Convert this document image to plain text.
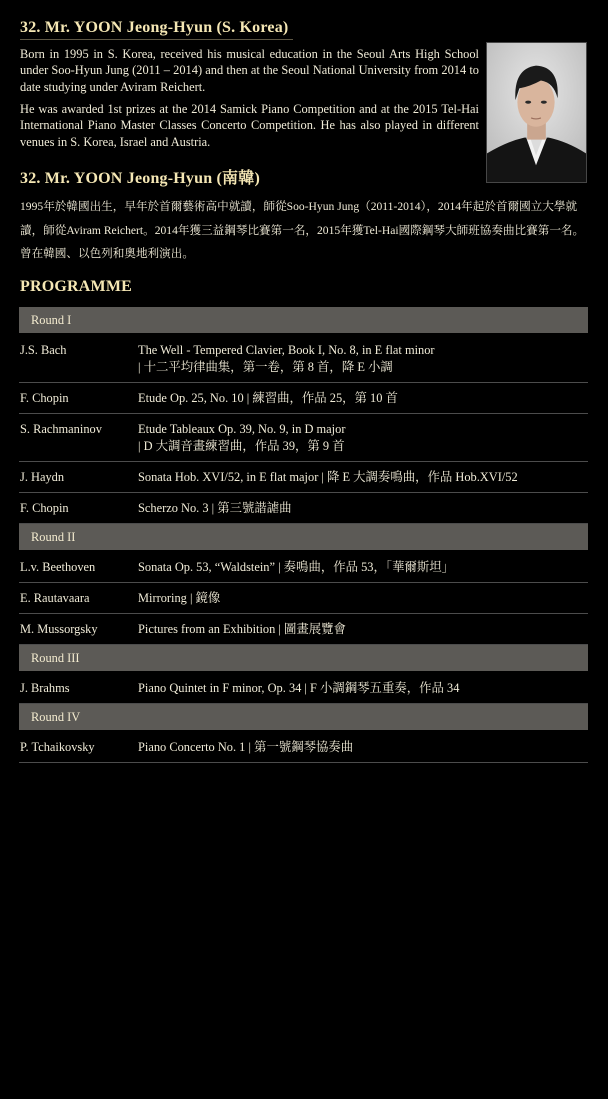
32. Mr. YOON Jeong-Hyun (S. Korea)

Born in 1995 in S. Korea, received his musical education in the Seoul Arts High School under Soo-Hyun Jung (2011 – 2014) and then at the Seoul National University from 2014 to date studying under Aviram Reichert.

He was awarded 1st prizes at the 2014 Samick Piano Competition and at the 2015 Tel-Hai International Piano Master Classes Concerto Competition. He has also played in different venues in S. Korea, Israel and Austria.

32. Mr. YOON Jeong-Hyun (南韓)

1995年於韓國出生，早年於首爾藝術高中就讀，師從Soo-Hyun Jung（2011-2014），2014年起於首爾國立大學就讀，師從Aviram Reichert。2014年獲三益鋼琴比賽第一名，2015年獲Tel-Hai國際鋼琴大師班協奏曲比賽第一名。曾在韓國、以色列和奧地利演出。

PROGRAMME
Round I	
J.S. Bach	The Well - Tempered Clavier, Book I, No. 8, in E flat minor
| 十二平均律曲集，第一卷，第 8 首，降 E 小調

F. Chopin	Etude Op. 25, No. 10 | 練習曲，作品 25，第 10 首

S. Rachmaninov	Etude Tableaux Op. 39, No. 9, in D major
| D 大調音畫練習曲，作品 39，第 9 首

J. Haydn	Sonata Hob. XVI/52, in E flat major | 降 E 大調奏鳴曲，作品 Hob.XVI/52

F. Chopin	Scherzo No. 3 | 第三號諧謔曲

Round II	
L.v. Beethoven	Sonata Op. 53, “Waldstein” | 奏鳴曲，作品 53，「華爾斯坦」

E. Rautavaara	Mirroring | 鏡像

M. Mussorgsky	Pictures from an Exhibition | 圖畫展覽會

Round III	
J. Brahms	Piano Quintet in F minor, Op. 34 | F 小調鋼琴五重奏，作品 34

Round IV	
P. Tchaikovsky	Piano Concerto No. 1 | 第一號鋼琴協奏曲
